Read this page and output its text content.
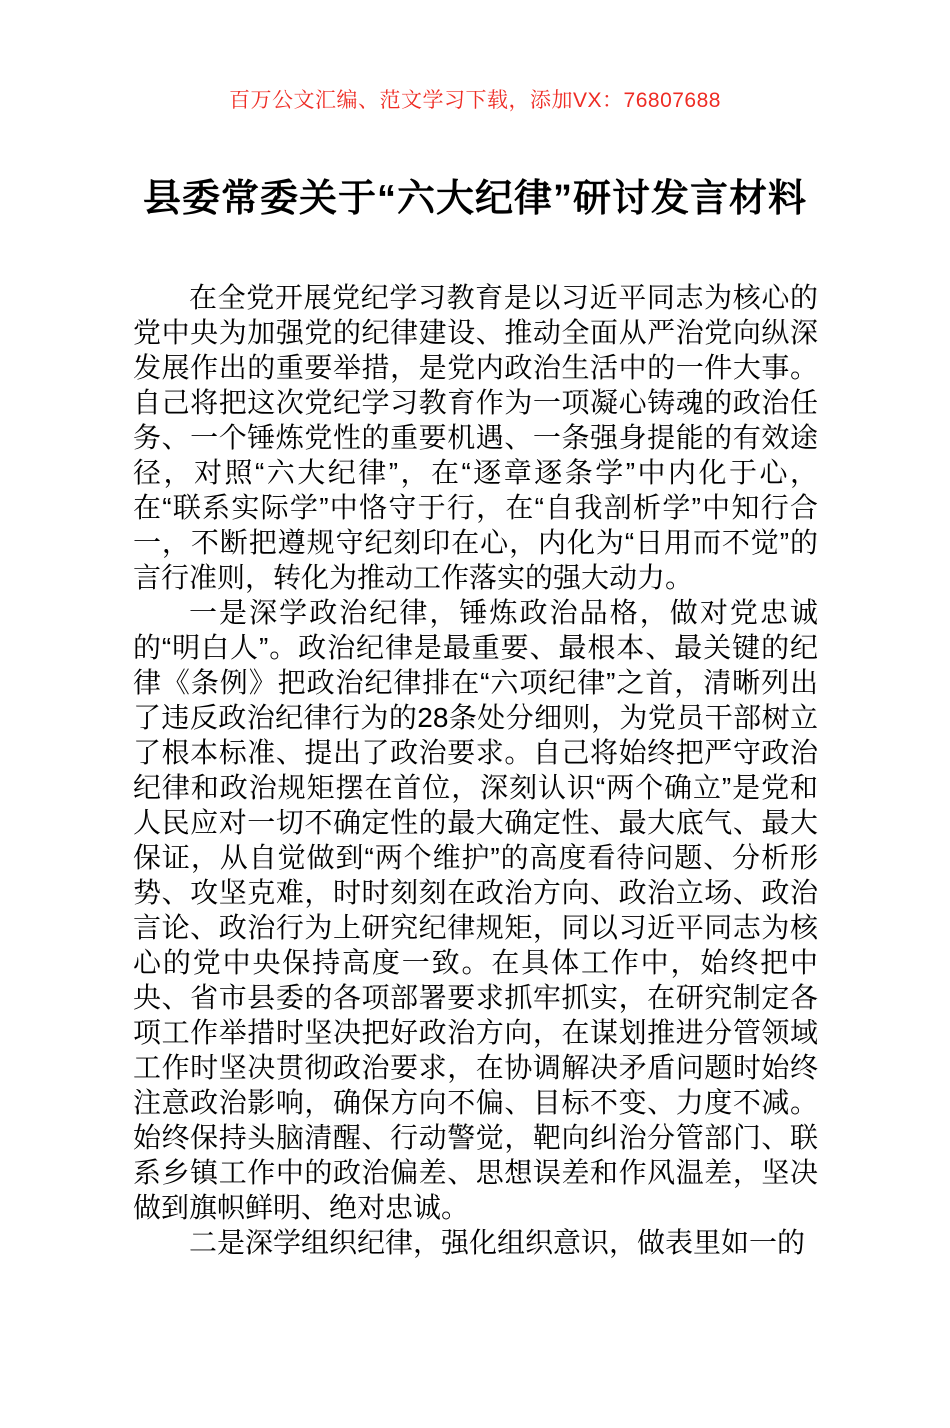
百万公文汇编、范文学习下载，添加VX：76807688
县委常委关于“六大纪律”研讨发言材料

在全党开展党纪学习教育是以习近平同志为核心的党中央为加强党的纪律建设、推动全面从严治党向纵深发展作出的重要举措，是党内政治生活中的一件大事。自己将把这次党纪学习教育作为一项凝心铸魂的政治任务、一个锤炼党性的重要机遇、一条强身提能的有效途径，对照“六大纪律”，在“逐章逐条学”中内化于心，在“联系实际学”中恪守于行，在“自我剖析学”中知行合一，不断把遵规守纪刻印在心，内化为“日用而不觉”的言行准则，转化为推动工作落实的强大动力。

一是深学政治纪律，锤炼政治品格，做对党忠诚的“明白人”。政治纪律是最重要、最根本、最关键的纪律《条例》把政治纪律排在“六项纪律”之首，清晰列出了违反政治纪律行为的28条处分细则，为党员干部树立了根本标准、提出了政治要求。自己将始终把严守政治纪律和政治规矩摆在首位，深刻认识“两个确立”是党和人民应对一切不确定性的最大确定性、最大底气、最大保证，从自觉做到“两个维护”的高度看待问题、分析形势、攻坚克难，时时刻刻在政治方向、政治立场、政治言论、政治行为上研究纪律规矩，同以习近平同志为核心的党中央保持高度一致。在具体工作中，始终把中央、省市县委的各项部署要求抓牢抓实，在研究制定各项工作举措时坚决把好政治方向，在谋划推进分管领域工作时坚决贯彻政治要求，在协调解决矛盾问题时始终注意政治影响，确保方向不偏、目标不变、力度不减。始终保持头脑清醒、行动警觉，靶向纠治分管部门、联系乡镇工作中的政治偏差、思想误差和作风温差，坚决做到旗帜鲜明、绝对忠诚。

二是深学组织纪律，强化组织意识，做表里如一的
